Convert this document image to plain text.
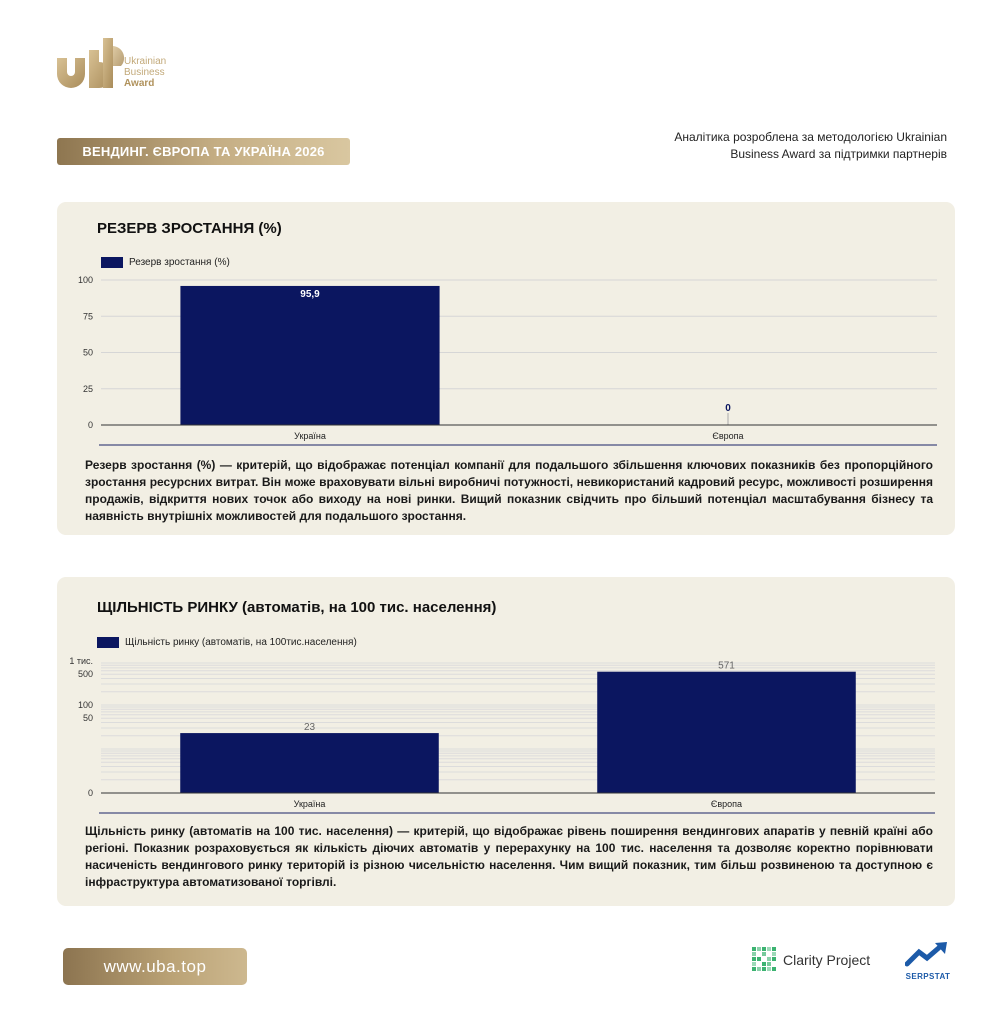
Ukrainian
Business
Award
ВЕНДИНГ. ЄВРОПА ТА УКРАЇНА 2026
Аналітика розроблена за методологією Ukrainian
Business Award за підтримки партнерів
РЕЗЕРВ ЗРОСТАННЯ (%)
Резерв зростання (%)
0
25
50
75
100
95,9
Україна
0
Європа
Резерв зростання (%) — критерій, що відображає потенціал компанії для подальшого збільшення ключових показників без пропорційного зростання ресурсних витрат. Він може враховувати вільні виробничі потужності, невикористаний кадровий ресурс, можливості розширення продажів, відкриття нових точок або виходу на нові ринки. Вищий показник свідчить про більший потенціал масштабування бізнесу та наявність внутрішніх можливостей для подальшого зростання.
ЩІЛЬНІСТЬ РИНКУ (автоматів, на 100 тис. населення)
Щільність ринку (автоматів, на 100тис.населення)
0
50
100
500
1 тис.
23
Україна
571
Європа
Щільність ринку (автоматів на 100 тис. населення) — критерій, що відображає рівень поширення вендингових апаратів у певній країні або регіоні. Показник розраховується як кількість діючих автоматів у перерахунку на 100 тис. населення та дозволяє коректно порівнювати насиченість вендингового ринку територій із різною чисельністю населення. Чим вищий показник, тим більш розвиненою та доступною є інфраструктура автоматизованої торгівлі.
www.uba.top	Clarity Project
SERPSTAT
